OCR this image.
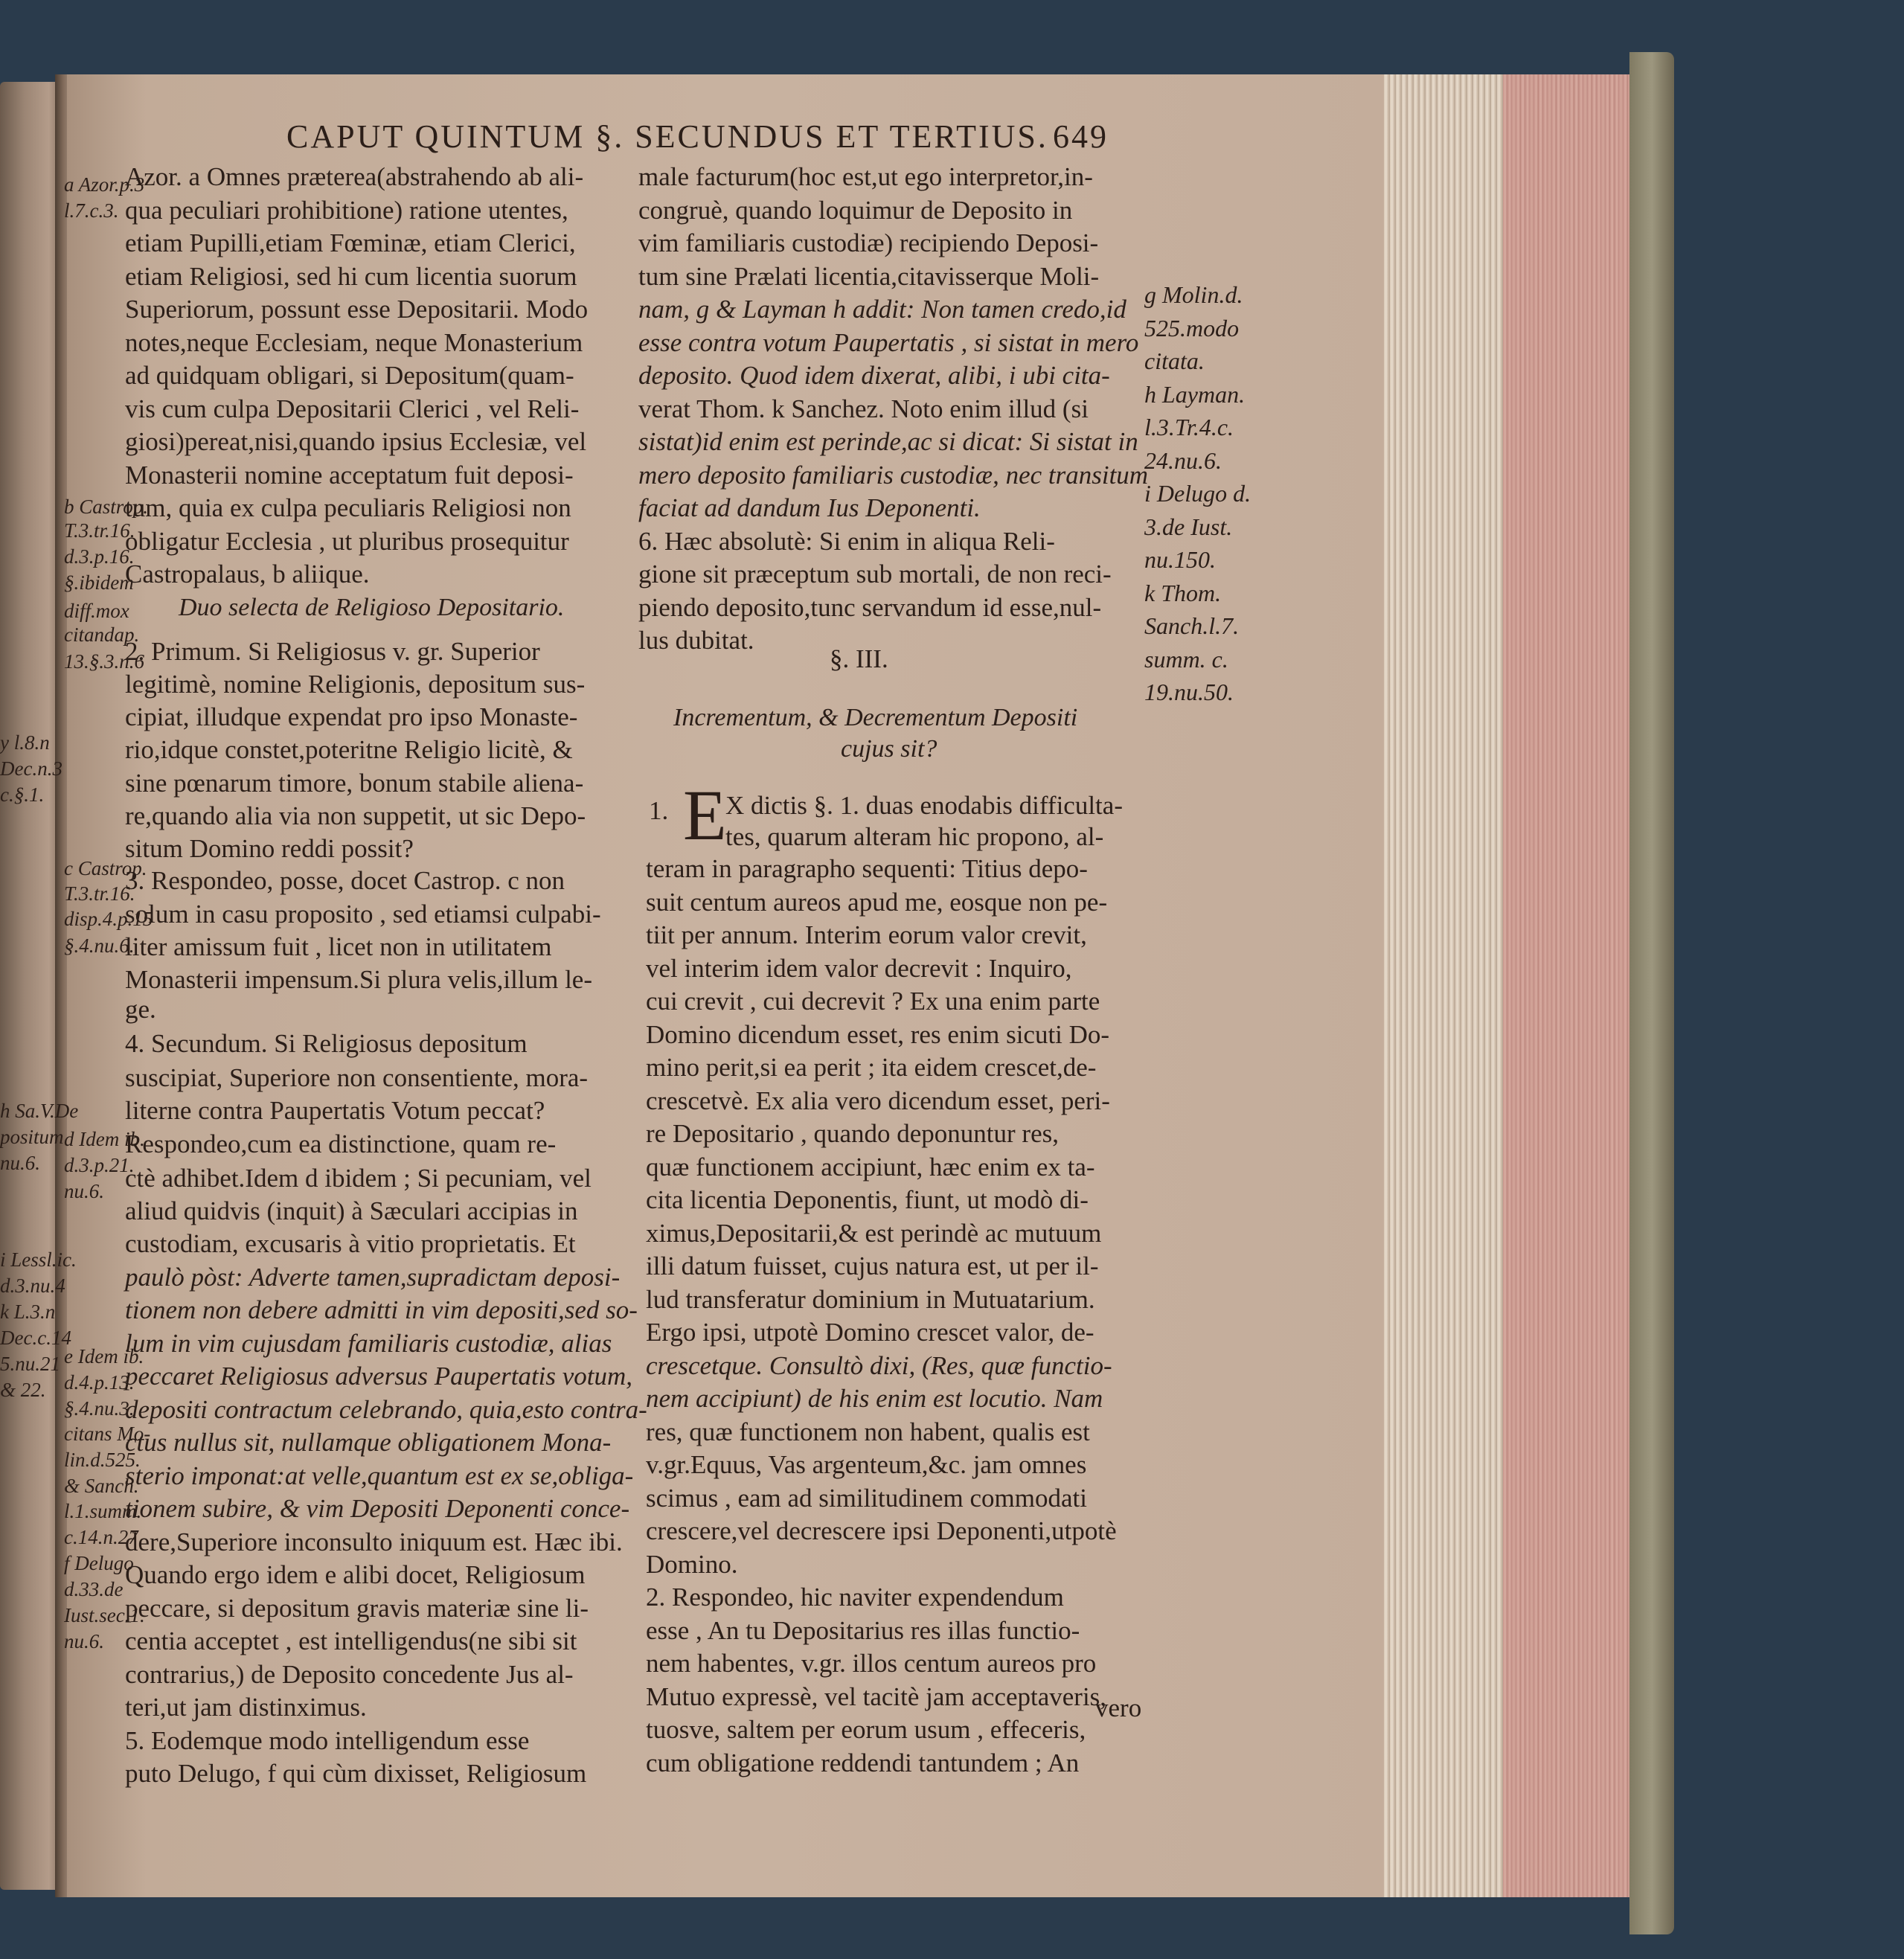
CAPUT QUINTUM §. SECUNDUS ET TERTIUS. 649
Azor. a Omnes præterea(abstrahendo ab ali-
qua peculiari prohibitione) ratione utentes,
etiam Pupilli,etiam Fœminæ, etiam Clerici,
etiam Religiosi, sed hi cum licentia suorum
Superiorum, possunt esse Depositarii. Modo
notes,neque Ecclesiam, neque Monasterium
ad quidquam obligari, si Depositum(quam-
vis cum culpa Depositarii Clerici , vel Reli-
giosi)pereat,nisi,quando ipsius Ecclesiæ, vel
Monasterii nomine acceptatum fuit deposi-
tum, quia ex culpa peculiaris Religiosi non
obligatur Ecclesia , ut pluribus prosequitur
Castropalaus, b aliique.
Duo selecta de Religioso Depositario.
2. Primum. Si Religiosus v. gr. Superior
legitimè, nomine Religionis, depositum sus-
cipiat, illudque expendat pro ipso Monaste-
rio,idque constet,poteritne Religio licitè, &
sine pœnarum timore, bonum stabile aliena-
re,quando alia via non suppetit, ut sic Depo-
situm Domino reddi possit?
3. Respondeo, posse, docet Castrop. c non
solum in casu proposito , sed etiamsi culpabi-
liter amissum fuit , licet non in utilitatem
Monasterii impensum.Si plura velis,illum le-
ge.
4. Secundum. Si Religiosus depositum
suscipiat, Superiore non consentiente, mora-
literne contra Paupertatis Votum peccat?
Respondeo,cum ea distinctione, quam re-
ctè adhibet.Idem d ibidem ; Si pecuniam, vel
aliud quidvis (inquit) à Sæculari accipias in
custodiam, excusaris à vitio proprietatis. Et
paulò pòst: Adverte tamen,supradictam deposi-
tionem non debere admitti in vim depositi,sed so-
lum in vim cujusdam familiaris custodiæ, alias
peccaret Religiosus adversus Paupertatis votum,
depositi contractum celebrando, quia,esto contra-
ctus nullus sit, nullamque obligationem Mona-
sterio imponat:at velle,quantum est ex se,obliga-
tionem subire, & vim Depositi Deponenti conce-
dere,Superiore inconsulto iniquum est. Hæc ibi.
Quando ergo idem e alibi docet, Religiosum
peccare, si depositum gravis materiæ sine li-
centia acceptet , est intelligendus(ne sibi sit
contrarius,) de Deposito concedente Jus al-
teri,ut jam distinximus.
5. Eodemque modo intelligendum esse
puto Delugo, f qui cùm dixisset, Religiosum
a Azor.p.3
l.7.c.3.
b Castrop.
T.3.tr.16.
d.3.p.16.
§.ibidem
diff.mox
citandap.
13.§.3.n.6
c Castrop.
T.3.tr.16.
disp.4.p.15
§.4.nu.6.
d Idem ib.
d.3.p.21.
nu.6.
e Idem ib.
d.4.p.13.
§.4.nu.3.
citans Mo-
lin.d.525.
& Sanch.
l.1.summ.
c.14.n.27
f Delugo
d.33.de
Iust.sec.1.
nu.6.
y l.8.n
Dec.n.3
c.§.1.
h Sa.V.De
positum
nu.6.
i Lessl.ic.
d.3.nu.4
k L.3.n
Dec.c.14
5.nu.21
& 22.
male facturum(hoc est,ut ego interpretor,in-
congruè, quando loquimur de Deposito in
vim familiaris custodiæ) recipiendo Deposi-
tum sine Prælati licentia,citavisserque Moli-
nam, g & Layman h addit: Non tamen credo,id
esse contra votum Paupertatis , si sistat in mero
deposito. Quod idem dixerat, alibi, i ubi cita-
verat Thom. k Sanchez. Noto enim illud (si
sistat)id enim est perinde,ac si dicat: Si sistat in
mero deposito familiaris custodiæ, nec transitum
faciat ad dandum Ius Deponenti.
6. Hæc absolutè: Si enim in aliqua Reli-
gione sit præceptum sub mortali, de non reci-
piendo deposito,tunc servandum id esse,nul-
lus dubitat.
§. III.
Incrementum, & Decrementum Depositi
cujus sit?
1. E
X dictis §. 1. duas enodabis difficulta-
tes, quarum alteram hic propono, al-
teram in paragrapho sequenti: Titius depo-
suit centum aureos apud me, eosque non pe-
tiit per annum. Interim eorum valor crevit,
vel interim idem valor decrevit : Inquiro,
cui crevit , cui decrevit ? Ex una enim parte
Domino dicendum esset, res enim sicuti Do-
mino perit,si ea perit ; ita eidem crescet,de-
crescetvè. Ex alia vero dicendum esset, peri-
re Depositario , quando deponuntur res,
quæ functionem accipiunt, hæc enim ex ta-
cita licentia Deponentis, fiunt, ut modò di-
ximus,Depositarii,& est perindè ac mutuum
illi datum fuisset, cujus natura est, ut per il-
lud transferatur dominium in Mutuatarium.
Ergo ipsi, utpotè Domino crescet valor, de-
crescetque. Consultò dixi, (Res, quæ functio-
nem accipiunt) de his enim est locutio. Nam
res, quæ functionem non habent, qualis est
v.gr.Equus, Vas argenteum,&c. jam omnes
scimus , eam ad similitudinem commodati
crescere,vel decrescere ipsi Deponenti,utpotè
Domino.
2. Respondeo, hic naviter expendendum
esse , An tu Depositarius res illas functio-
nem habentes, v.gr. illos centum aureos pro
Mutuo expressè, vel tacitè jam acceptaveris,
tuosve, saltem per eorum usum , effeceris,
cum obligatione reddendi tantundem ; An
vero
g Molin.d.
525.modo
citata.
h Layman.
l.3.Tr.4.c.
24.nu.6.
i Delugo d.
3.de Iust.
nu.150.
k Thom.
Sanch.l.7.
summ. c.
19.nu.50.
